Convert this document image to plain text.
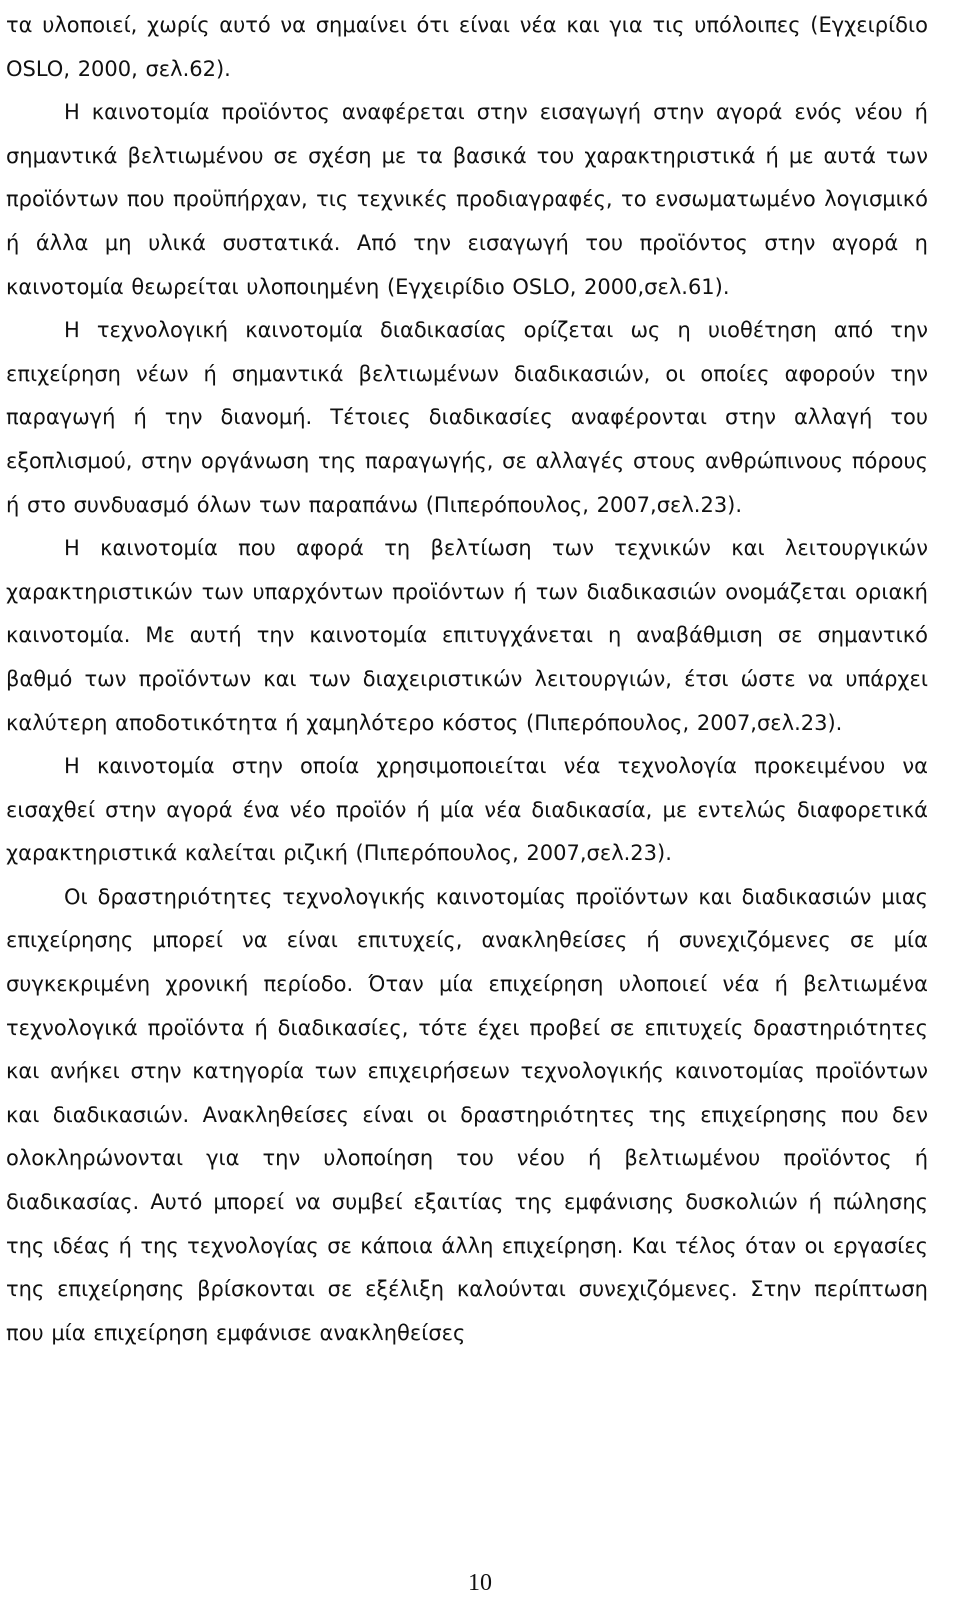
τα υλοποιεί, χωρίς αυτό να σημαίνει ότι είναι νέα και για τις υπόλοιπες (Εγχειρίδιο OSLO, 2000, σελ.62).

Η καινοτομία προϊόντος αναφέρεται στην εισαγωγή στην αγορά ενός νέου ή σημαντικά βελτιωμένου σε σχέση με τα βασικά του χαρακτηριστικά ή με αυτά των προϊόντων που προϋπήρχαν, τις τεχνικές προδιαγραφές, το ενσωματωμένο λογισμικό ή άλλα μη υλικά συστατικά. Από την εισαγωγή του προϊόντος στην αγορά η καινοτομία θεωρείται υλοποιημένη (Εγχειρίδιο OSLO, 2000,σελ.61).

Η τεχνολογική καινοτομία διαδικασίας ορίζεται ως η υιοθέτηση από την επιχείρηση νέων ή σημαντικά βελτιωμένων διαδικασιών, οι οποίες αφορούν την παραγωγή ή την διανομή. Τέτοιες διαδικασίες αναφέρονται στην αλλαγή του εξοπλισμού, στην οργάνωση της παραγωγής, σε αλλαγές στους ανθρώπινους πόρους ή στο συνδυασμό όλων των παραπάνω (Πιπερόπουλος, 2007,σελ.23).

Η καινοτομία που αφορά τη βελτίωση των τεχνικών και λειτουργικών χαρακτηριστικών των υπαρχόντων προϊόντων ή των διαδικασιών ονομάζεται οριακή καινοτομία. Με αυτή την καινοτομία επιτυγχάνεται η αναβάθμιση σε σημαντικό βαθμό των προϊόντων και των διαχειριστικών λειτουργιών, έτσι ώστε να υπάρχει καλύτερη αποδοτικότητα ή χαμηλότερο κόστος (Πιπερόπουλος, 2007,σελ.23).

Η καινοτομία στην οποία χρησιμοποιείται νέα τεχνολογία προκειμένου να εισαχθεί στην αγορά ένα νέο προϊόν ή μία νέα διαδικασία, με εντελώς διαφορετικά χαρακτηριστικά καλείται ριζική (Πιπερόπουλος, 2007,σελ.23).

Οι δραστηριότητες τεχνολογικής καινοτομίας προϊόντων και διαδικασιών μιας επιχείρησης μπορεί να είναι επιτυχείς, ανακληθείσες ή συνεχιζόμενες σε μία συγκεκριμένη χρονική περίοδο. Όταν μία επιχείρηση υλοποιεί νέα ή βελτιωμένα τεχνολογικά προϊόντα ή διαδικασίες, τότε έχει προβεί σε επιτυχείς δραστηριότητες και ανήκει στην κατηγορία των επιχειρήσεων τεχνολογικής καινοτομίας προϊόντων και διαδικασιών. Ανακληθείσες είναι οι δραστηριότητες της επιχείρησης που δεν ολοκληρώνονται για την υλοποίηση του νέου ή βελτιωμένου προϊόντος ή διαδικασίας. Αυτό μπορεί να συμβεί εξαιτίας της εμφάνισης δυσκολιών ή πώλησης της ιδέας ή της τεχνολογίας σε κάποια άλλη επιχείρηση. Και τέλος όταν οι εργασίες της επιχείρησης βρίσκονται σε εξέλιξη καλούνται συνεχιζόμενες. Στην περίπτωση που μία επιχείρηση εμφάνισε ανακληθείσες

10
